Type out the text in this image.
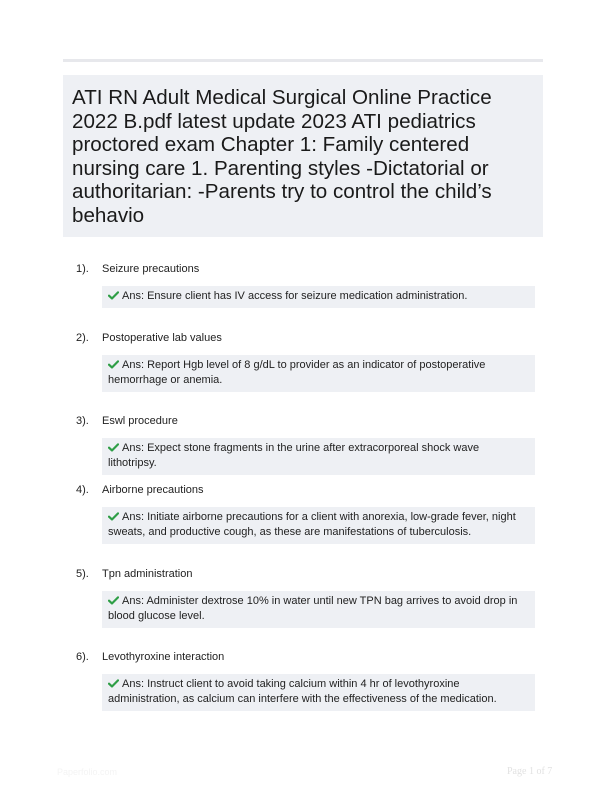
ATI RN Adult Medical Surgical Online Practice 2022 B.pdf latest update 2023 ATI pediatrics proctored exam Chapter 1: Family centered nursing care 1. Parenting styles -Dictatorial or authoritarian: -Parents try to control the child’s behavio
1). Seizure precautions
Ans: Ensure client has IV access for seizure medication administration.
2). Postoperative lab values
Ans: Report Hgb level of 8 g/dL to provider as an indicator of postoperative hemorrhage or anemia.
3). Eswl procedure
Ans: Expect stone fragments in the urine after extracorporeal shock wave lithotripsy.
4). Airborne precautions
Ans: Initiate airborne precautions for a client with anorexia, low-grade fever, night sweats, and productive cough, as these are manifestations of tuberculosis.
5). Tpn administration
Ans: Administer dextrose 10% in water until new TPN bag arrives to avoid drop in blood glucose level.
6). Levothyroxine interaction
Ans: Instruct client to avoid taking calcium within 4 hr of levothyroxine administration, as calcium can interfere with the effectiveness of the medication.
Paperfolio.com	Page 1 of 7
